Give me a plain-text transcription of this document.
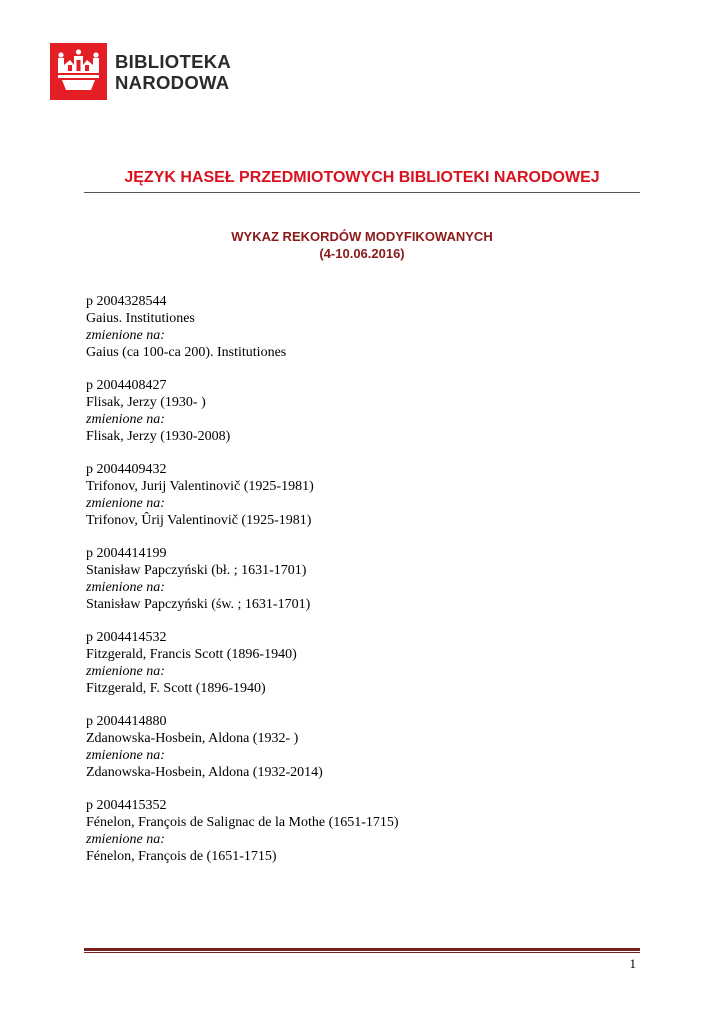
BIBLIOTEKA
NARODOWA
JĘZYK HASEŁ PRZEDMIOTOWYCH BIBLIOTEKI NARODOWEJ
WYKAZ REKORDÓW MODYFIKOWANYCH
(4-10.06.2016)
p 2004328544
Gaius. Institutiones
zmienione na:
Gaius (ca 100-ca 200). Institutiones
p 2004408427
Flisak, Jerzy (1930- )
zmienione na:
Flisak, Jerzy (1930-2008)
p 2004409432
Trifonov, Jurij Valentinovič (1925-1981)
zmienione na:
Trifonov, Ûrij Valentinovič (1925-1981)
p 2004414199
Stanisław Papczyński (bł. ; 1631-1701)
zmienione na:
Stanisław Papczyński (św. ; 1631-1701)
p 2004414532
Fitzgerald, Francis Scott (1896-1940)
zmienione na:
Fitzgerald, F. Scott (1896-1940)
p 2004414880
Zdanowska-Hosbein, Aldona (1932- )
zmienione na:
Zdanowska-Hosbein, Aldona (1932-2014)
p 2004415352
Fénelon, François de Salignac de la Mothe (1651-1715)
zmienione na:
Fénelon, François de (1651-1715)
1
